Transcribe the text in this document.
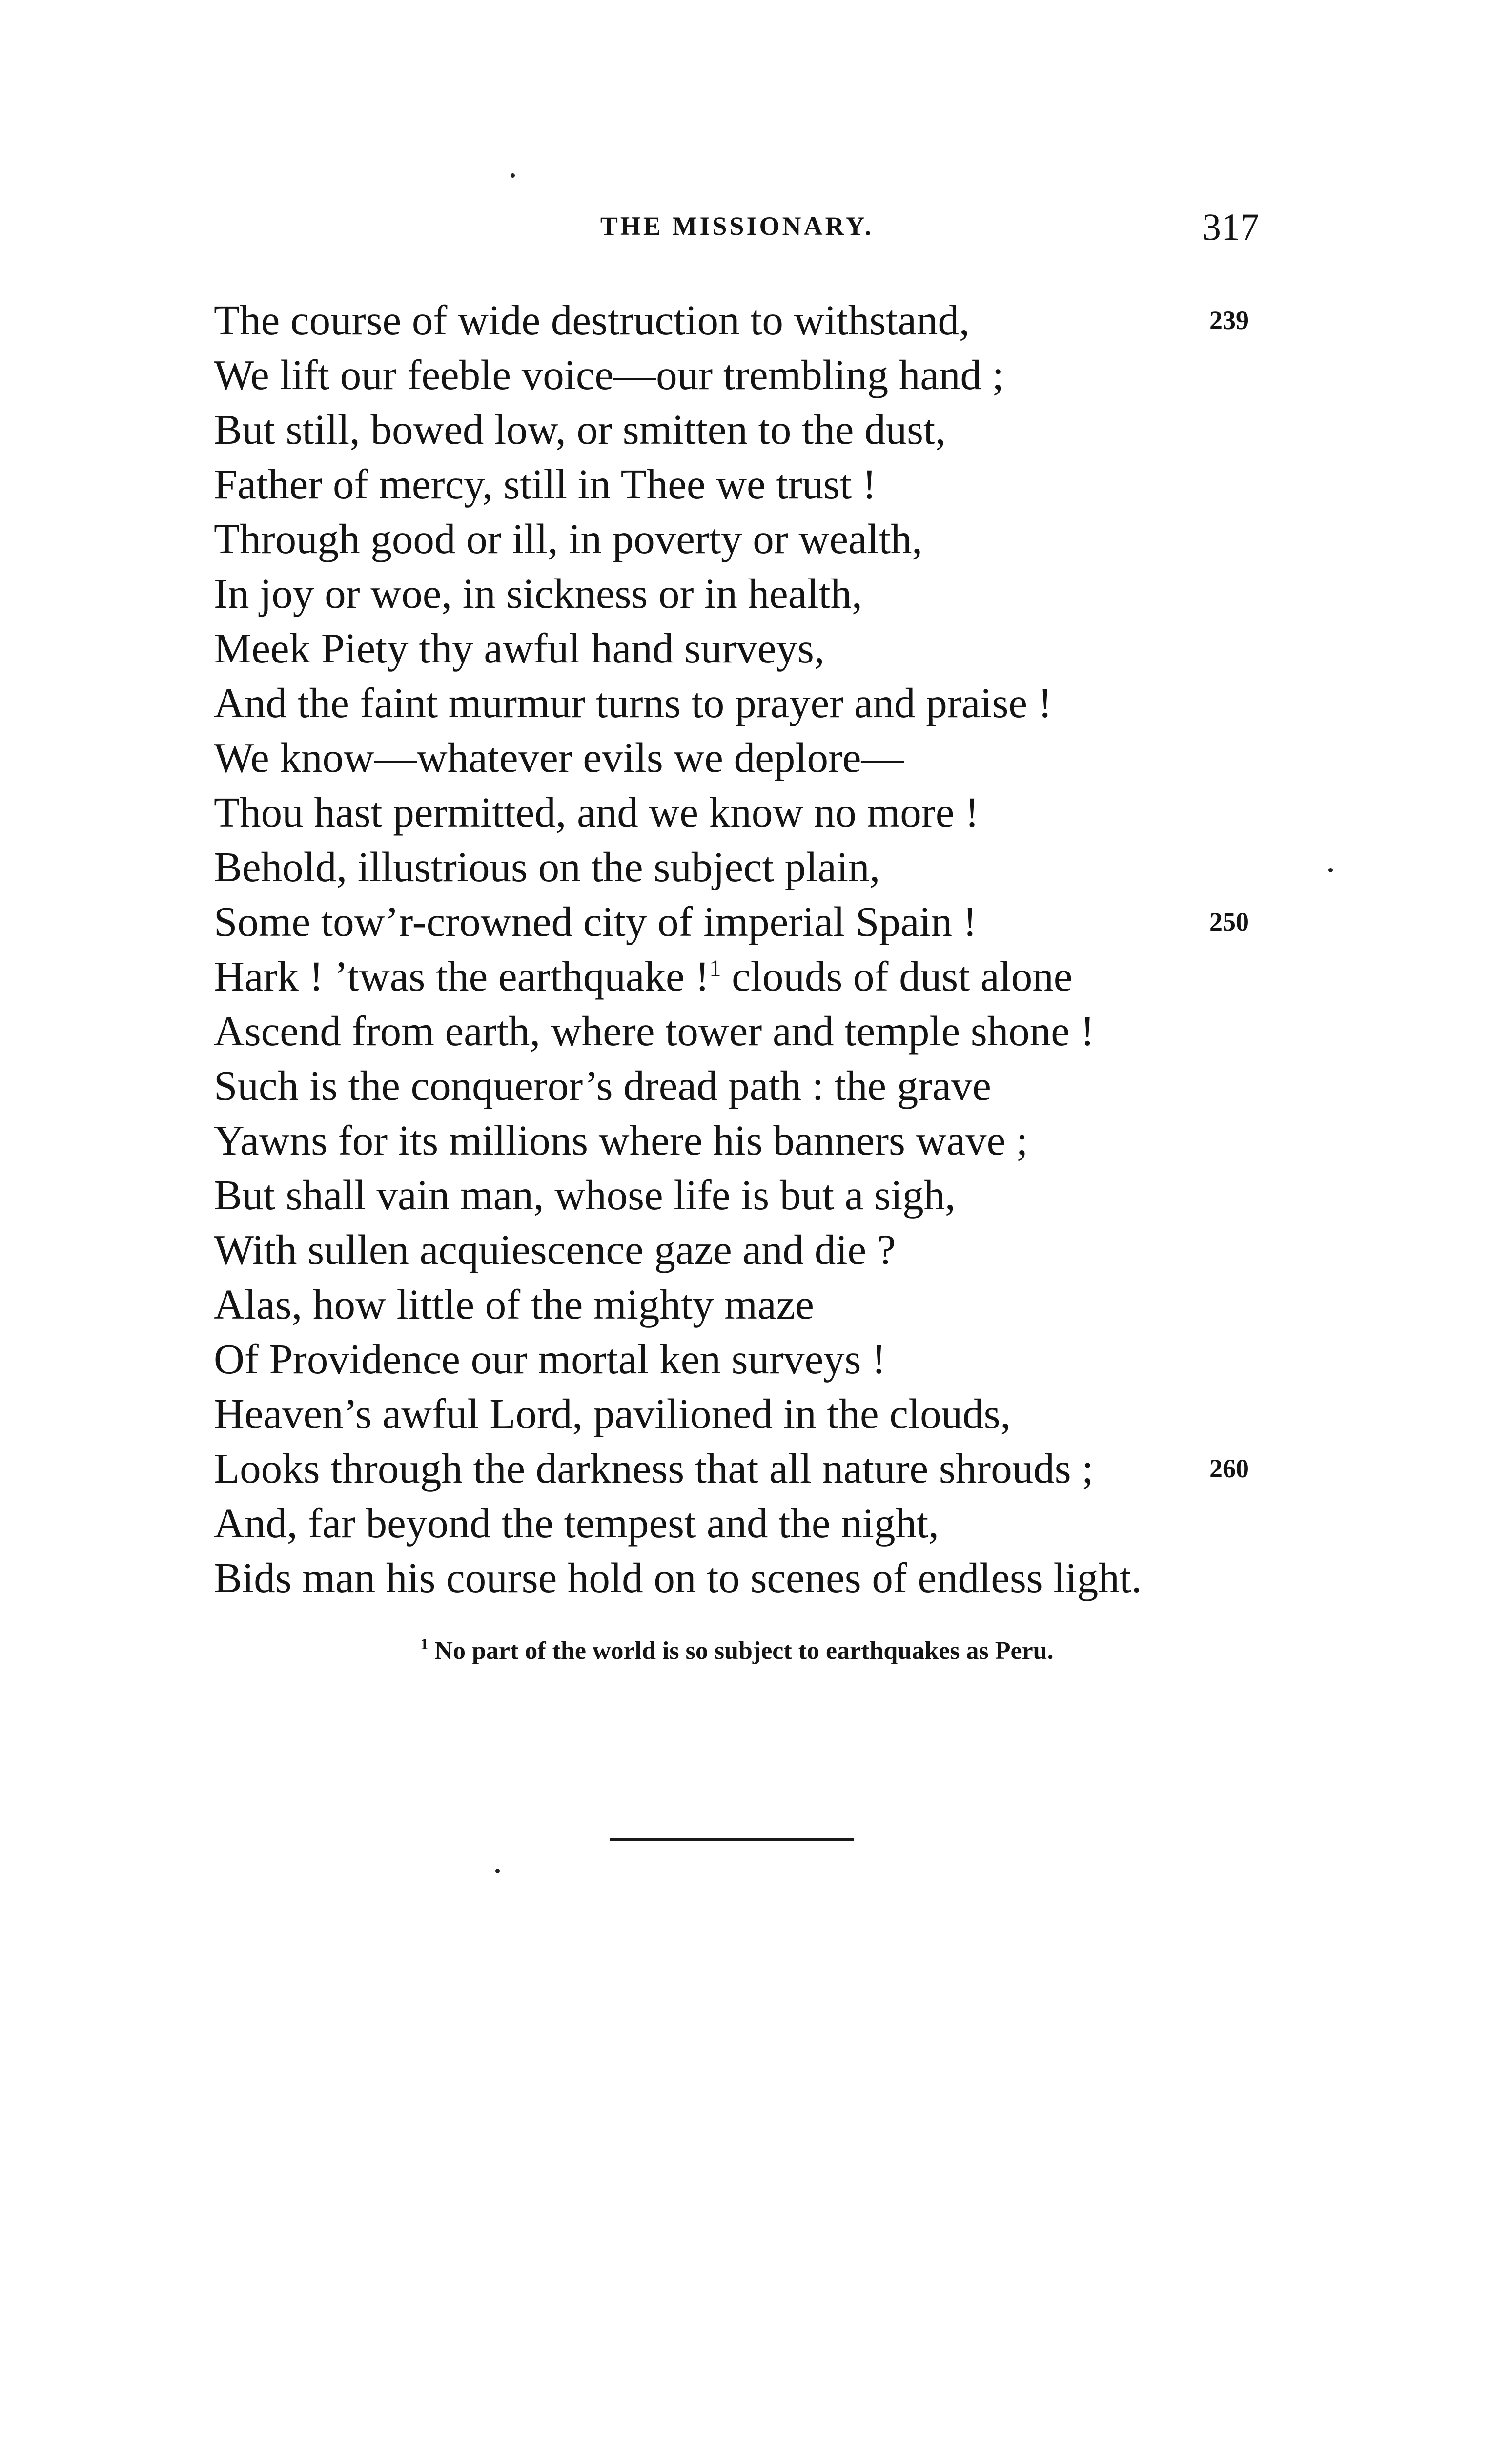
THE MISSIONARY.	317
The course of wide destruction to withstand,	239
We lift our feeble voice—our trembling hand ;
But still, bowed low, or smitten to the dust,
Father of mercy, still in Thee we trust !
Through good or ill, in poverty or wealth,
In joy or woe, in sickness or in health,
Meek Piety thy awful hand surveys,
And the faint murmur turns to prayer and praise !
We know—whatever evils we deplore—
Thou hast permitted, and we know no more !
Behold, illustrious on the subject plain,
Some tow’r-crowned city of imperial Spain !	250
Hark ! ’twas the earthquake !$^1$ clouds of dust alone
Ascend from earth, where tower and temple shone !
Such is the conqueror’s dread path : the grave
Yawns for its millions where his banners wave ;
But shall vain man, whose life is but a sigh,
With sullen acquiescence gaze and die ?
Alas, how little of the mighty maze
Of Providence our mortal ken surveys !
Heaven’s awful Lord, pavilioned in the clouds,
Looks through the darkness that all nature shrouds ;	260
And, far beyond the tempest and the night,
Bids man his course hold on to scenes of endless light.
$^1$ No part of the world is so subject to earthquakes as Peru.
